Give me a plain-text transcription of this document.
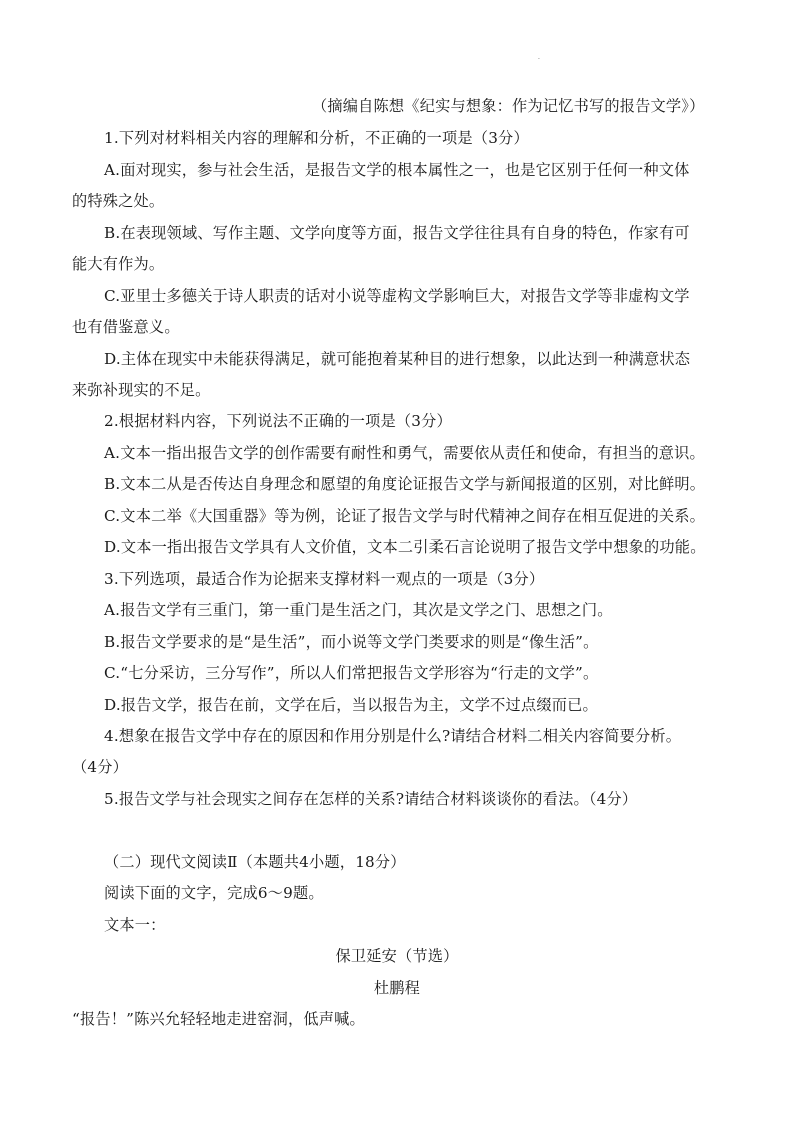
·
（摘编自陈想《纪实与想象：作为记忆书写的报告文学》）
1.下列对材料相关内容的理解和分析，不正确的一项是（3分）
A.面对现实，参与社会生活，是报告文学的根本属性之一，也是它区别于任何一种文体
的特殊之处。
B.在表现领域、写作主题、文学向度等方面，报告文学往往具有自身的特色，作家有可
能大有作为。
C.亚里士多德关于诗人职责的话对小说等虚构文学影响巨大，对报告文学等非虚构文学
也有借鉴意义。
D.主体在现实中未能获得满足，就可能抱着某种目的进行想象，以此达到一种满意状态
来弥补现实的不足。
2.根据材料内容，下列说法不正确的一项是（3分）
A.文本一指出报告文学的创作需要有耐性和勇气，需要依从责任和使命，有担当的意识。
B.文本二从是否传达自身理念和愿望的角度论证报告文学与新闻报道的区别，对比鲜明。
C.文本二举《大国重器》等为例，论证了报告文学与时代精神之间存在相互促进的关系。
D.文本一指出报告文学具有人文价值，文本二引柔石言论说明了报告文学中想象的功能。
3.下列选项，最适合作为论据来支撑材料一观点的一项是（3分）
A.报告文学有三重门，第一重门是生活之门，其次是文学之门、思想之门。
B.报告文学要求的是“是生活”，而小说等文学门类要求的则是“像生活”。
C.“七分采访，三分写作”，所以人们常把报告文学形容为“行走的文学”。
D.报告文学，报告在前，文学在后，当以报告为主，文学不过点缀而已。
4.想象在报告文学中存在的原因和作用分别是什么?请结合材料二相关内容简要分析。
（4分）
5.报告文学与社会现实之间存在怎样的关系?请结合材料谈谈你的看法。（4分）
（二）现代文阅读Ⅱ（本题共4小题，18分）
阅读下面的文字，完成6～9题。
文本一：
保卫延安（节选）
杜鹏程
“报告！”陈兴允轻轻地走进窑洞，低声喊。
